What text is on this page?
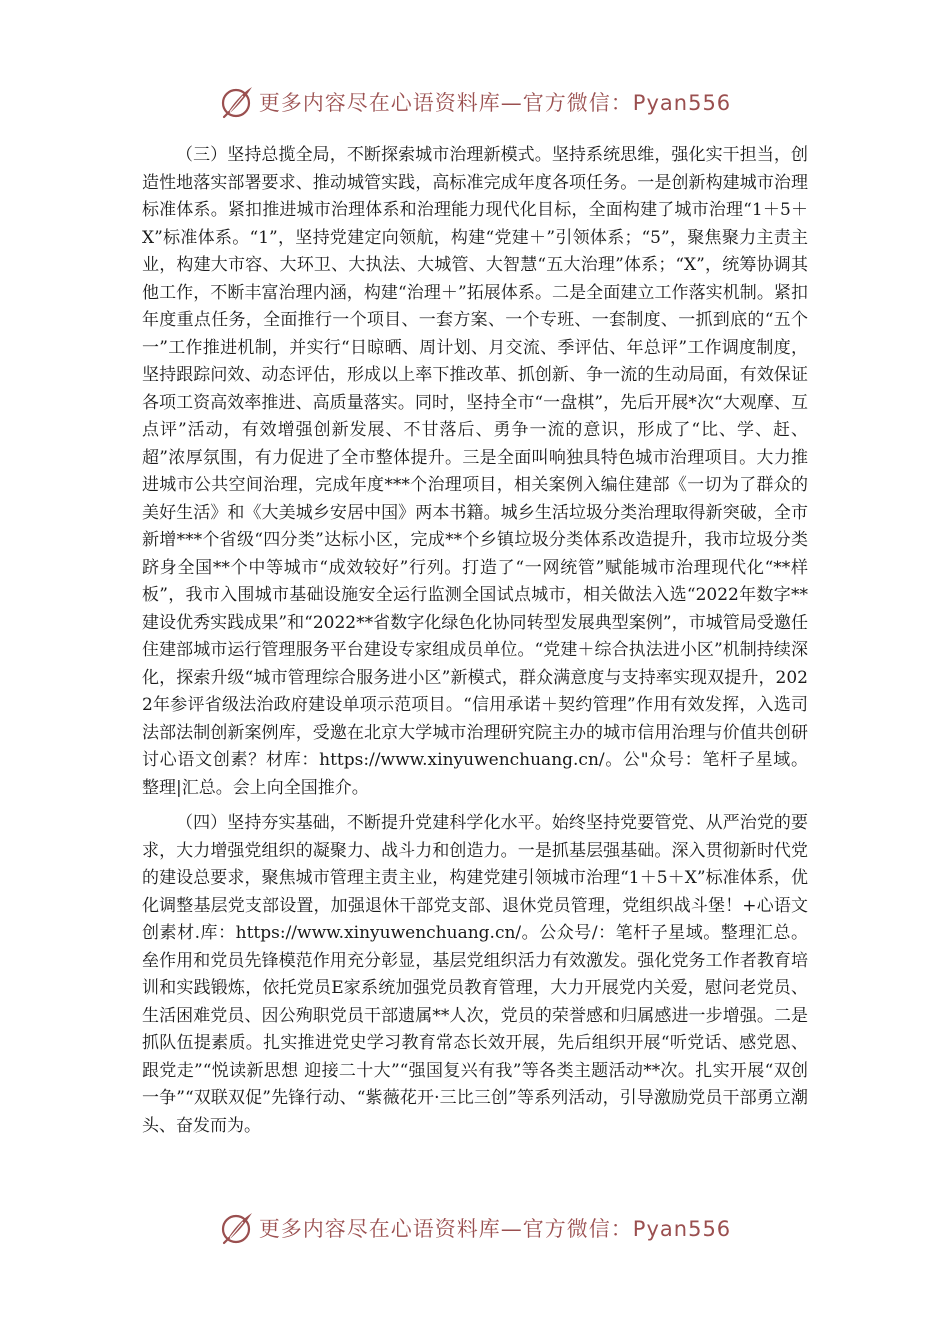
更多内容尽在心语资料库—官方微信：Pyan556

（三）坚持总揽全局，不断探索城市治理新模式。坚持系统思维，强化实干担当，创造性地落实部署要求、推动城管实践，高标准完成年度各项任务。一是创新构建城市治理标准体系。紧扣推进城市治理体系和治理能力现代化目标，全面构建了城市治理“1＋5＋X”标准体系。“1”，坚持党建定向领航，构建“党建＋”引领体系；“5”，聚焦聚力主责主业，构建大市容、大环卫、大执法、大城管、大智慧“五大治理”体系；“X”，统筹协调其他工作，不断丰富治理内涵，构建“治理＋”拓展体系。二是全面建立工作落实机制。紧扣年度重点任务，全面推行一个项目、一套方案、一个专班、一套制度、一抓到底的“五个一”工作推进机制，并实行“日晾晒、周计划、月交流、季评估、年总评”工作调度制度，坚持跟踪问效、动态评估，形成以上率下推改革、抓创新、争一流的生动局面，有效保证各项工资高效率推进、高质量落实。同时，坚持全市“一盘棋”，先后开展*次“大观摩、互点评”活动，有效增强创新发展、不甘落后、勇争一流的意识，形成了“比、学、赶、超”浓厚氛围，有力促进了全市整体提升。三是全面叫响独具特色城市治理项目。大力推进城市公共空间治理，完成年度***个治理项目，相关案例入编住建部《一切为了群众的美好生活》和《大美城乡安居中国》两本书籍。城乡生活垃圾分类治理取得新突破，全市新增***个省级“四分类”达标小区，完成**个乡镇垃圾分类体系改造提升，我市垃圾分类跻身全国**个中等城市“成效较好”行列。打造了“一网统管”赋能城市治理现代化“**样板”，我市入围城市基础设施安全运行监测全国试点城市，相关做法入选“2022年数字**建设优秀实践成果”和“2022**省数字化绿色化协同转型发展典型案例”，市城管局受邀任住建部城市运行管理服务平台建设专家组成员单位。“党建＋综合执法进小区”机制持续深化，探索升级“城市管理综合服务进小区”新模式，群众满意度与支持率实现双提升，2022年参评省级法治政府建设单项示范项目。“信用承诺＋契约管理”作用有效发挥，入选司法部法制创新案例库，受邀在北京大学城市治理研究院主办的城市信用治理与价值共创研讨心语文创素？材库：https://www.xinyuwenchuang.cn/。公"众号：笔杆子星域。整理|汇总。会上向全国推介。

（四）坚持夯实基础，不断提升党建科学化水平。始终坚持党要管党、从严治党的要求，大力增强党组织的凝聚力、战斗力和创造力。一是抓基层强基础。深入贯彻新时代党的建设总要求，聚焦城市管理主责主业，构建党建引领城市治理“1＋5＋X”标准体系，优化调整基层党支部设置，加强退休干部党支部、退休党员管理，党组织战斗堡！+心语文创素材.库：https://www.xinyuwenchuang.cn/。公众号/：笔杆子星域。整理汇总。垒作用和党员先锋模范作用充分彰显，基层党组织活力有效激发。强化党务工作者教育培训和实践锻炼，依托党员E家系统加强党员教育管理，大力开展党内关爱，慰问老党员、生活困难党员、因公殉职党员干部遗属**人次，党员的荣誉感和归属感进一步增强。二是抓队伍提素质。扎实推进党史学习教育常态长效开展，先后组织开展“听党话、感党恩、跟党走”“悦读新思想 迎接二十大”“强国复兴有我”等各类主题活动**次。扎实开展“双创一争”“双联双促”先锋行动、“紫薇花开·三比三创”等系列活动，引导激励党员干部勇立潮头、奋发而为。

更多内容尽在心语资料库—官方微信：Pyan556
